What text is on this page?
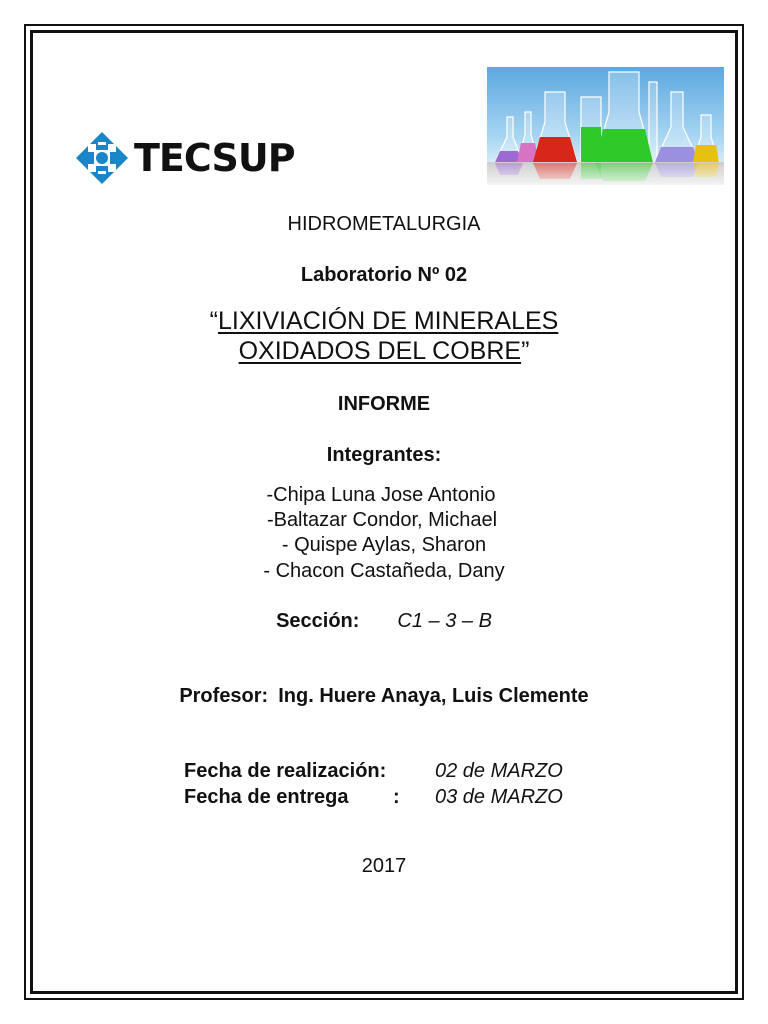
TECSUP
HIDROMETALURGIA
Laboratorio Nº 02
“LIXIVIACIÓN DE MINERALES
OXIDADOS DEL COBRE”
INFORME
Integrantes:
-Chipa Luna Jose Antonio
-Baltazar Condor, Michael
- Quispe Aylas, Sharon
- Chacon Castañeda, Dany
Sección: C1 – 3 – B
Profesor: Ing. Huere Anaya, Luis Clemente
Fecha de realización: 02 de MARZO
Fecha de entrega : 03 de MARZO
2017
